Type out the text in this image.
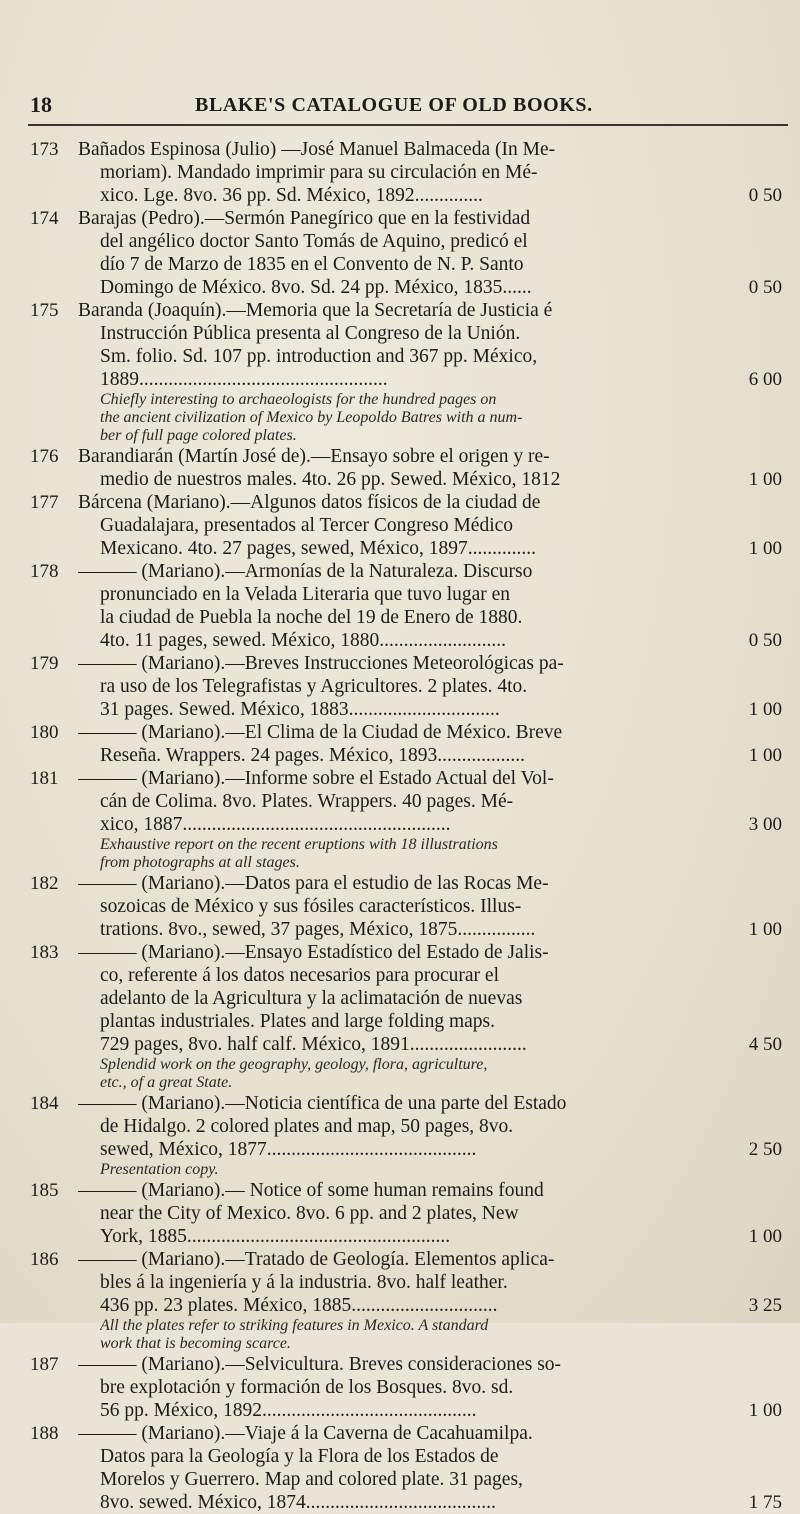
18	BLAKE'S CATALOGUE OF OLD BOOKS.
173	Bañados Espinosa (Julio) —José Manuel Balmaceda (In Me-
moriam). Mandado imprimir para su circulación en Mé-
xico. Lge. 8vo. 36 pp. Sd. México, 1892..............	0 50
174	Barajas (Pedro).—Sermón Panegírico que en la festividad
del angélico doctor Santo Tomás de Aquino, predicó el
dío 7 de Marzo de 1835 en el Convento de N. P. Santo
Domingo de México. 8vo. Sd. 24 pp. México, 1835......	0 50
175	Baranda (Joaquín).—Memoria que la Secretaría de Justicia é
Instrucción Pública presenta al Congreso de la Unión.
Sm. folio. Sd. 107 pp. introduction and 367 pp. México,
1889...................................................	6 00
Chiefly interesting to archaeologists for the hundred pages on
the ancient civilization of Mexico by Leopoldo Batres with a num-
ber of full page colored plates.
176	Barandiarán (Martín José de).—Ensayo sobre el origen y re-
medio de nuestros males. 4to. 26 pp. Sewed. México, 1812	1 00
177	Bárcena (Mariano).—Algunos datos físicos de la ciudad de
Guadalajara, presentados al Tercer Congreso Médico
Mexicano. 4to. 27 pages, sewed, México, 1897..............	1 00
178	——— (Mariano).—Armonías de la Naturaleza. Discurso
pronunciado en la Velada Literaria que tuvo lugar en
la ciudad de Puebla la noche del 19 de Enero de 1880.
4to. 11 pages, sewed. México, 1880..........................	0 50
179	——— (Mariano).—Breves Instrucciones Meteorológicas pa-
ra uso de los Telegrafistas y Agricultores. 2 plates. 4to.
31 pages. Sewed. México, 1883...............................	1 00
180	——— (Mariano).—El Clima de la Ciudad de México. Breve
Reseña. Wrappers. 24 pages. México, 1893..................	1 00
181	——— (Mariano).—Informe sobre el Estado Actual del Vol-
cán de Colima. 8vo. Plates. Wrappers. 40 pages. Mé-
xico, 1887.......................................................	3 00
Exhaustive report on the recent eruptions with 18 illustrations
from photographs at all stages.
182	——— (Mariano).—Datos para el estudio de las Rocas Me-
sozoicas de México y sus fósiles característicos. Illus-
trations. 8vo., sewed, 37 pages, México, 1875................	1 00
183	——— (Mariano).—Ensayo Estadístico del Estado de Jalis-
co, referente á los datos necesarios para procurar el
adelanto de la Agricultura y la aclimatación de nuevas
plantas industriales. Plates and large folding maps.
729 pages, 8vo. half calf. México, 1891........................	4 50
Splendid work on the geography, geology, flora, agriculture,
etc., of a great State.
184	——— (Mariano).—Noticia científica de una parte del Estado
de Hidalgo. 2 colored plates and map, 50 pages, 8vo.
sewed, México, 1877...........................................	2 50
Presentation copy.
185	——— (Mariano).— Notice of some human remains found
near the City of Mexico. 8vo. 6 pp. and 2 plates, New
York, 1885......................................................	1 00
186	——— (Mariano).—Tratado de Geología. Elementos aplica-
bles á la ingeniería y á la industria. 8vo. half leather.
436 pp. 23 plates. México, 1885..............................	3 25
All the plates refer to striking features in Mexico. A standard
work that is becoming scarce.
187	——— (Mariano).—Selvicultura. Breves consideraciones so-
bre explotación y formación de los Bosques. 8vo. sd.
56 pp. México, 1892............................................	1 00
188	——— (Mariano).—Viaje á la Caverna de Cacahuamilpa.
Datos para la Geología y la Flora de los Estados de
Morelos y Guerrero. Map and colored plate. 31 pages,
8vo. sewed. México, 1874.......................................	1 75
